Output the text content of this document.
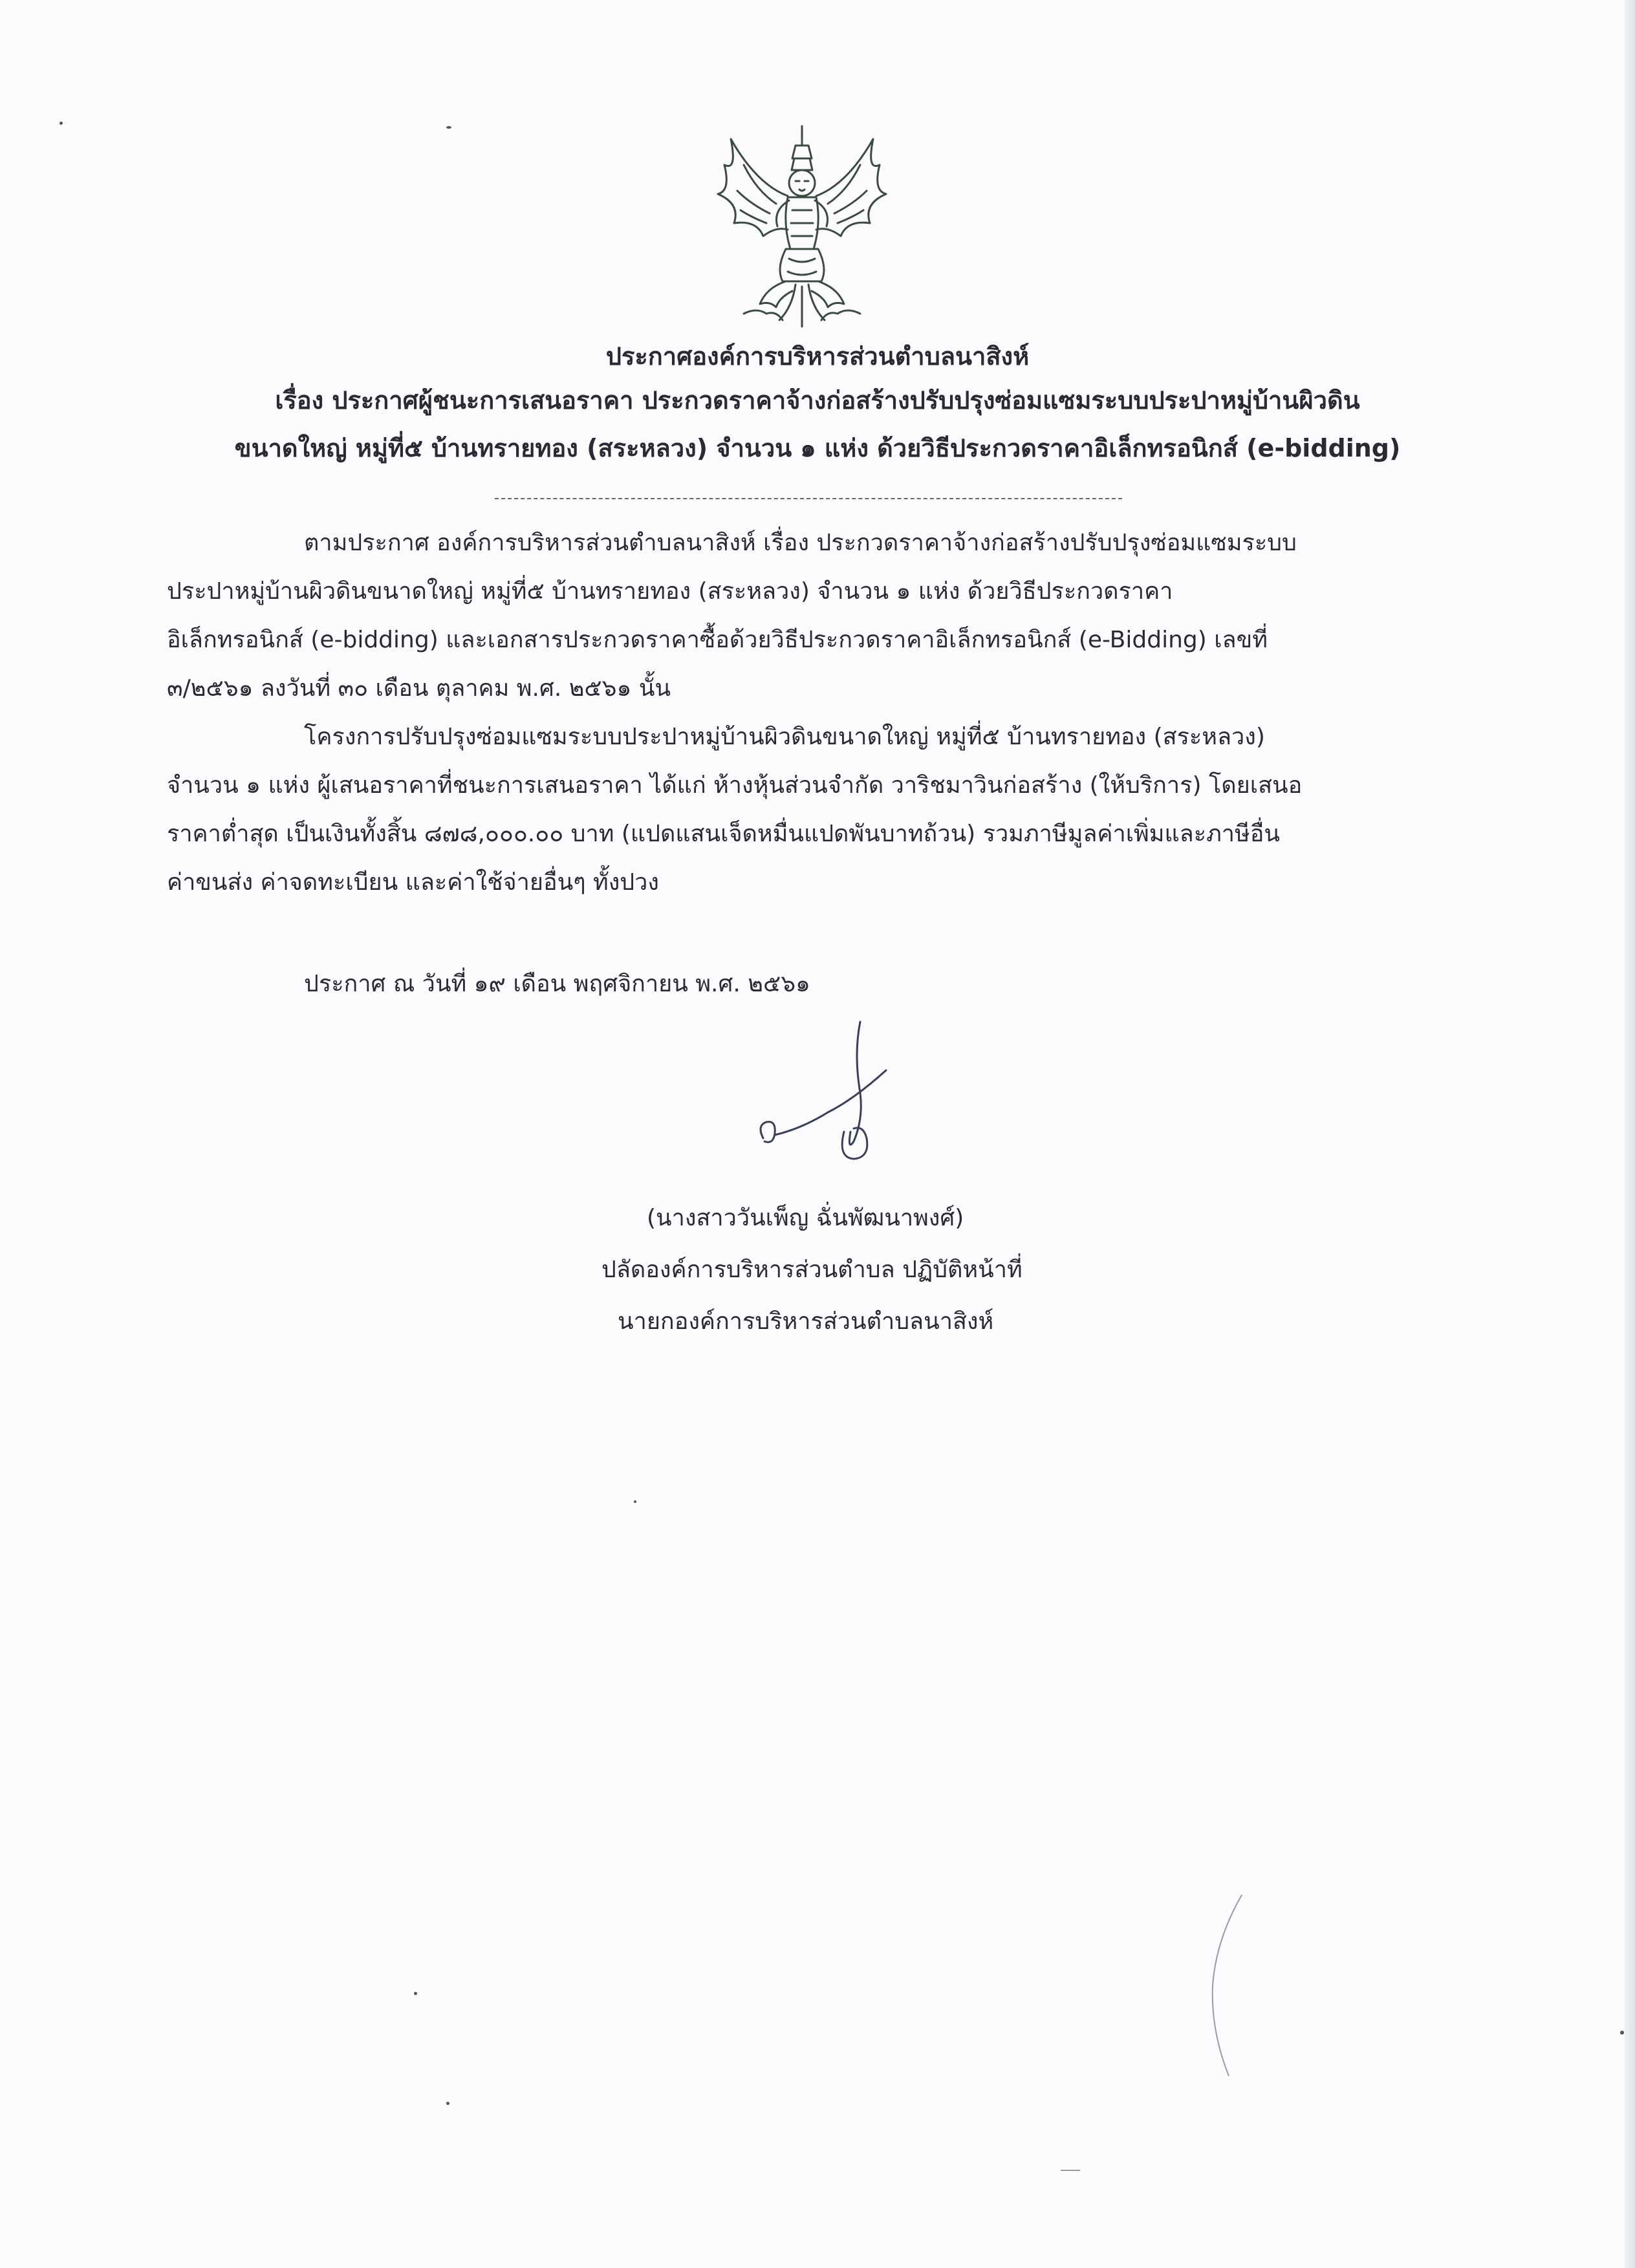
ประกาศองค์การบริหารส่วนตำบลนาสิงห์
เรื่อง ประกาศผู้ชนะการเสนอราคา ประกวดราคาจ้างก่อสร้างปรับปรุงซ่อมแซมระบบประปาหมู่บ้านผิวดิน
ขนาดใหญ่ หมู่ที่๕ บ้านทรายทอง (สระหลวง) จำนวน ๑ แห่ง ด้วยวิธีประกวดราคาอิเล็กทรอนิกส์ (e-bidding)
ตามประกาศ องค์การบริหารส่วนตำบลนาสิงห์ เรื่อง ประกวดราคาจ้างก่อสร้างปรับปรุงซ่อมแซมระบบ
ประปาหมู่บ้านผิวดินขนาดใหญ่ หมู่ที่๕ บ้านทรายทอง (สระหลวง) จำนวน ๑ แห่ง ด้วยวิธีประกวดราคา
อิเล็กทรอนิกส์ (e-bidding) และเอกสารประกวดราคาซื้อด้วยวิธีประกวดราคาอิเล็กทรอนิกส์ (e-Bidding) เลขที่
๓/๒๕๖๑ ลงวันที่ ๓๐ เดือน ตุลาคม พ.ศ. ๒๕๖๑ นั้น
โครงการปรับปรุงซ่อมแซมระบบประปาหมู่บ้านผิวดินขนาดใหญ่ หมู่ที่๕ บ้านทรายทอง (สระหลวง)
จำนวน ๑ แห่ง ผู้เสนอราคาที่ชนะการเสนอราคา ได้แก่ ห้างหุ้นส่วนจำกัด วาริชมาวินก่อสร้าง (ให้บริการ) โดยเสนอ
ราคาต่ำสุด เป็นเงินทั้งสิ้น ๘๗๘,๐๐๐.๐๐ บาท (แปดแสนเจ็ดหมื่นแปดพันบาทถ้วน) รวมภาษีมูลค่าเพิ่มและภาษีอื่น
ค่าขนส่ง ค่าจดทะเบียน และค่าใช้จ่ายอื่นๆ ทั้งปวง
ประกาศ ณ วันที่ ๑๙ เดือน พฤศจิกายน พ.ศ. ๒๕๖๑
(นางสาววันเพ็ญ ฉั่นพัฒนาพงศ์)
ปลัดองค์การบริหารส่วนตำบล ปฏิบัติหน้าที่
นายกองค์การบริหารส่วนตำบลนาสิงห์
